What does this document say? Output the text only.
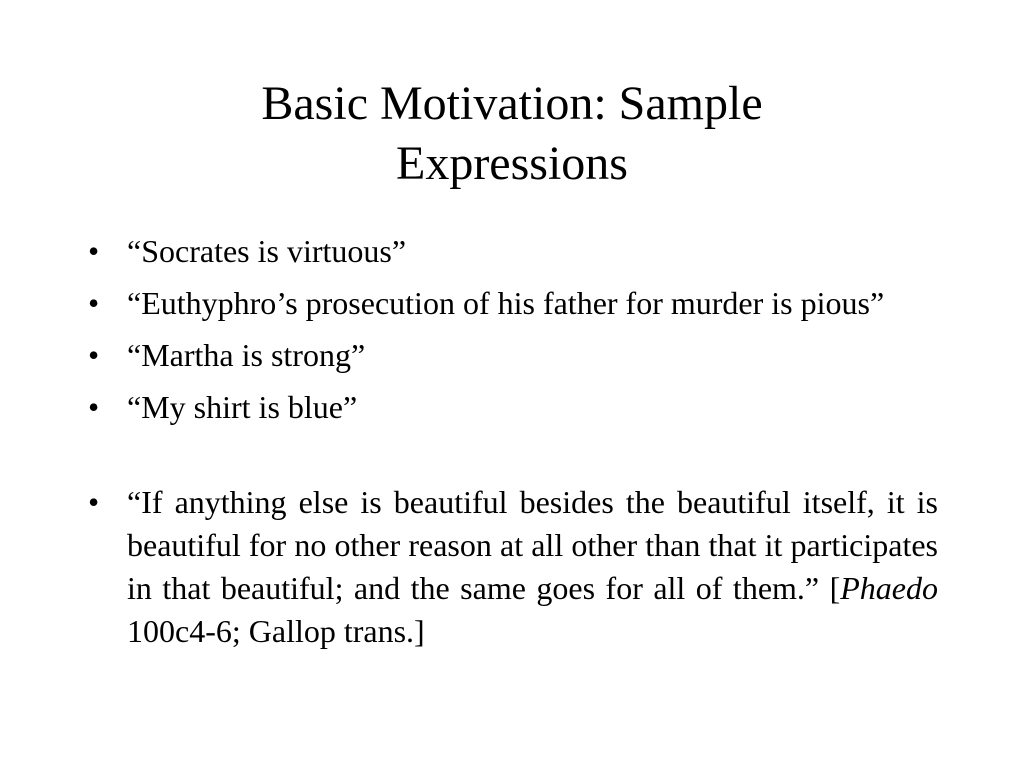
Basic Motivation: Sample
Expressions
• “Socrates is virtuous”
• “Euthyphro’s prosecution of his father for murder is pious”
• “Martha is strong”
• “My shirt is blue”
• “If anything else is beautiful besides the beautiful itself, it is beautiful for no other reason at all other than that it participates in that beautiful; and the same goes for all of them.” [Phaedo 100c4-6; Gallop trans.]
